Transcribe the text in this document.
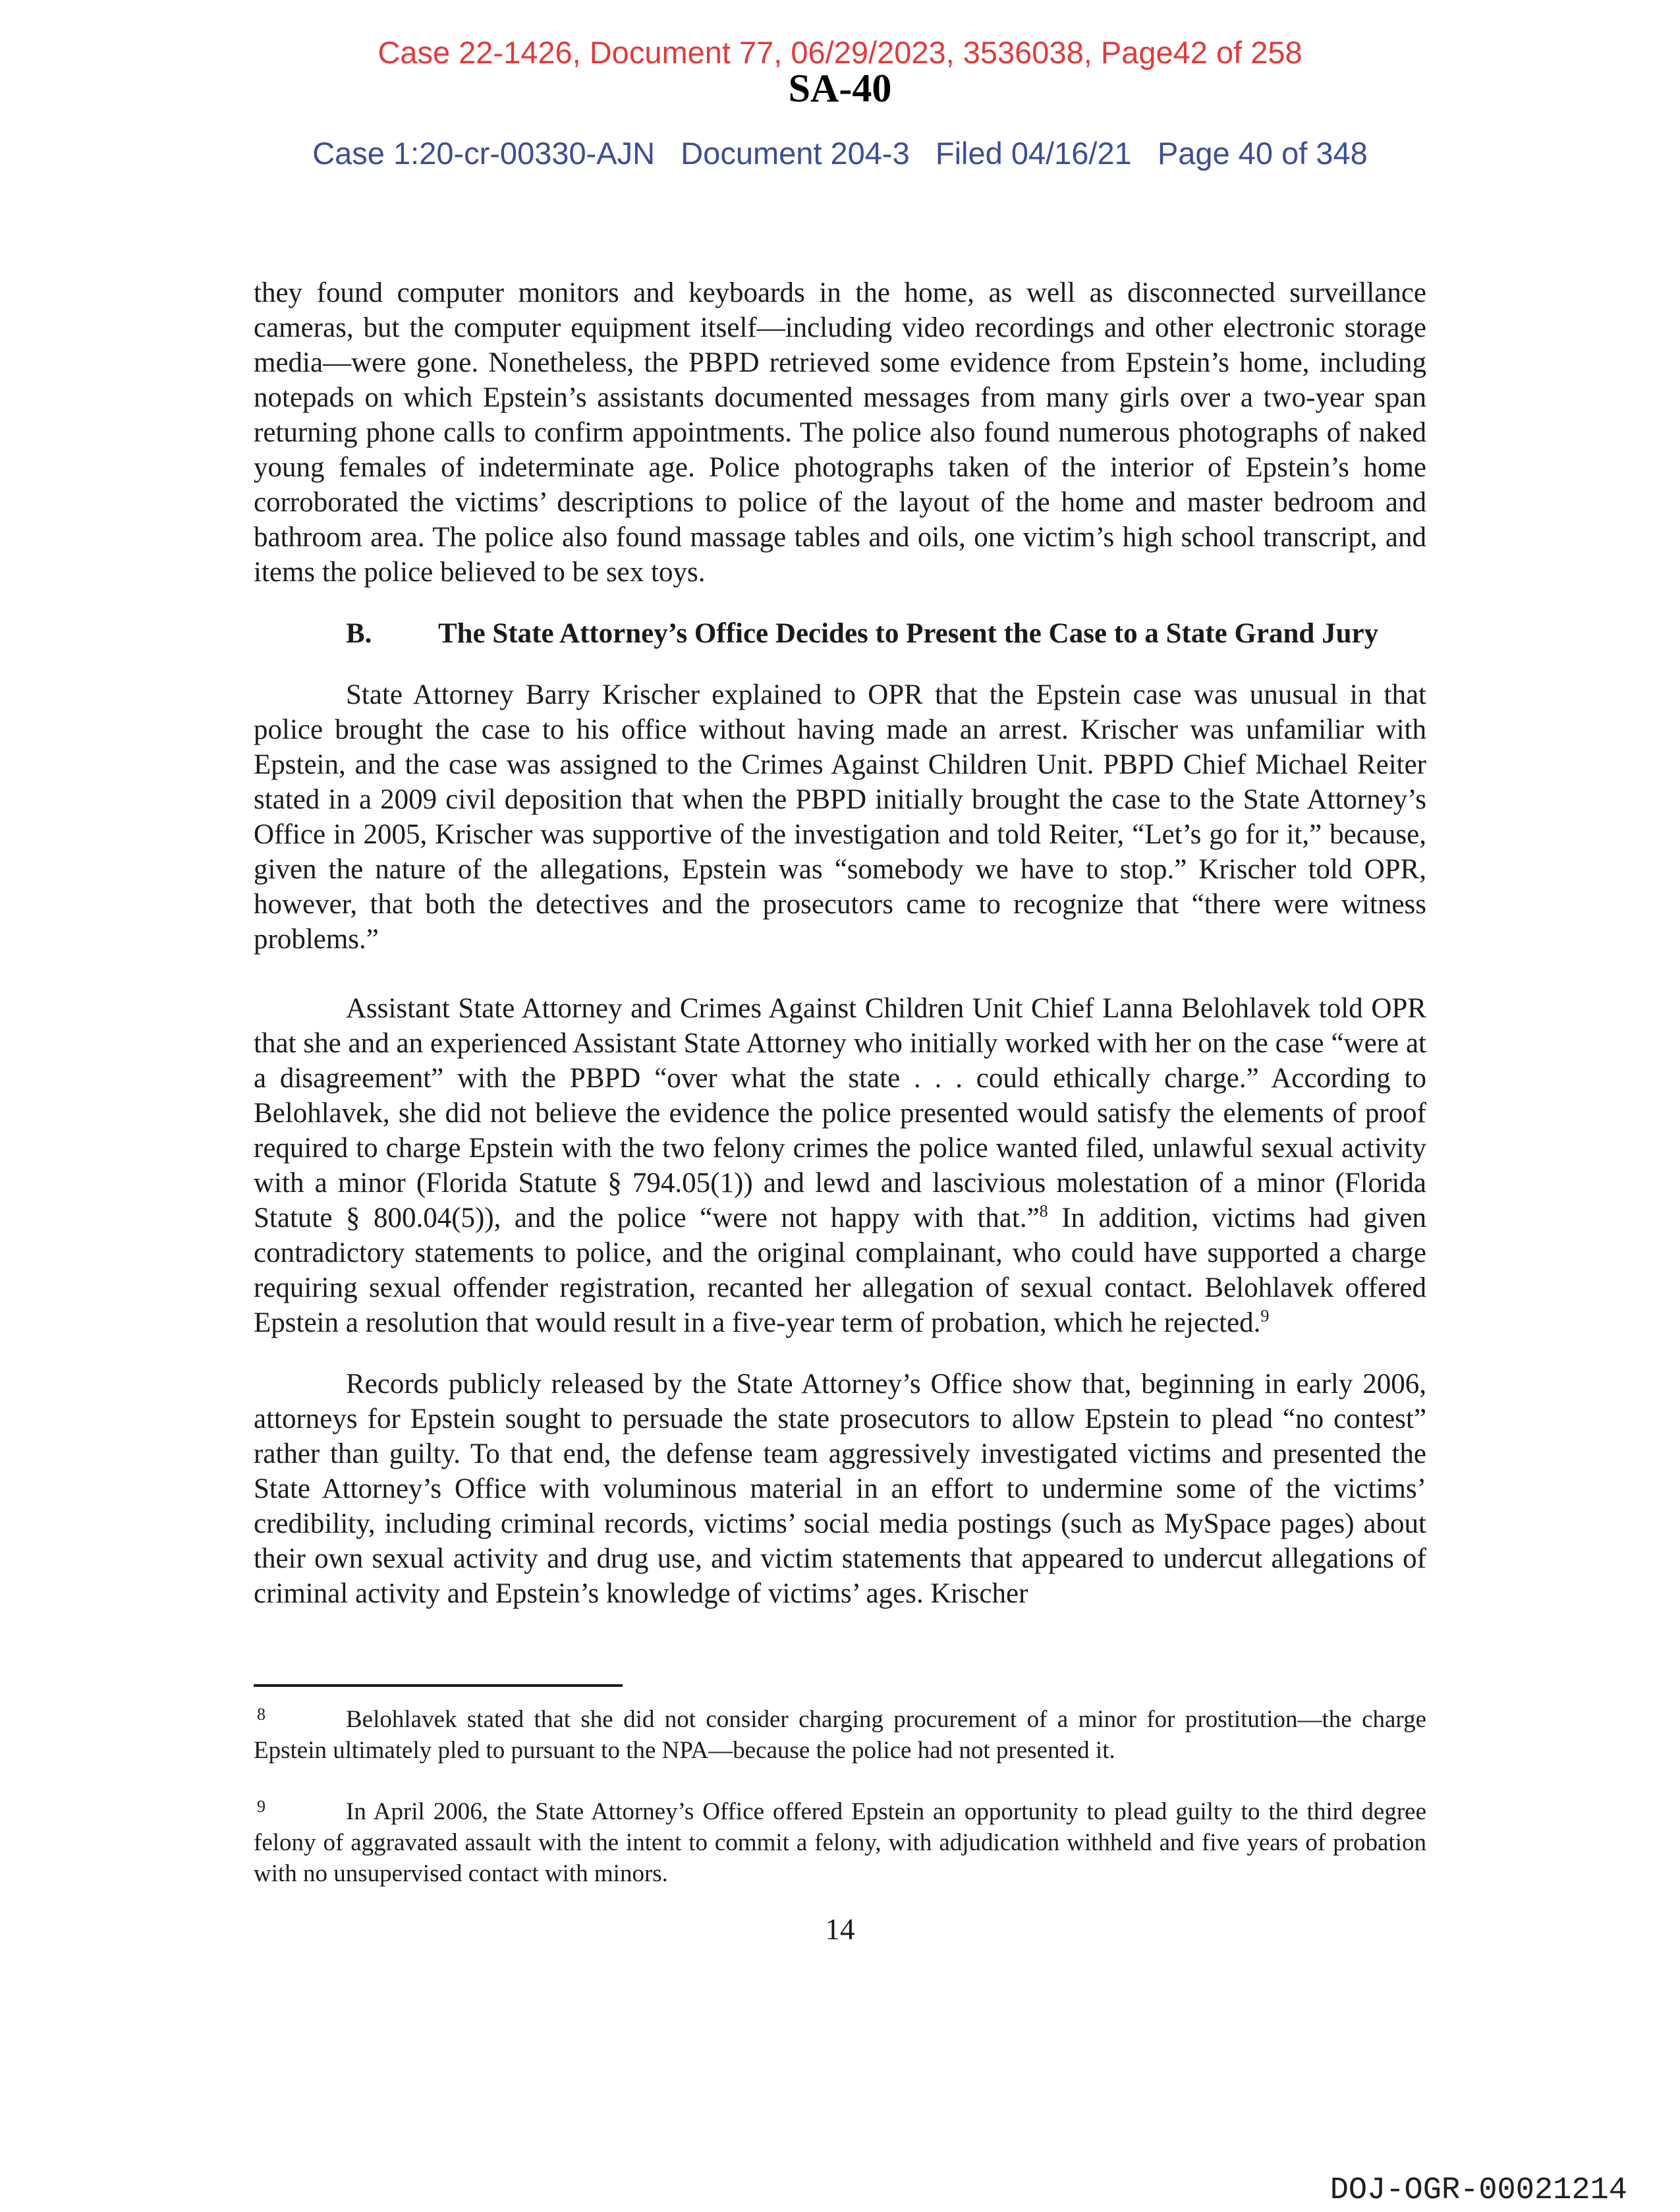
Case 22-1426, Document 77, 06/29/2023, 3536038, Page42 of 258
SA-40
Case 1:20-cr-00330-AJN   Document 204-3   Filed 04/16/21   Page 40 of 348

they found computer monitors and keyboards in the home, as well as disconnected surveillance cameras, but the computer equipment itself—including video recordings and other electronic storage media—were gone. Nonetheless, the PBPD retrieved some evidence from Epstein’s home, including notepads on which Epstein’s assistants documented messages from many girls over a two-year span returning phone calls to confirm appointments. The police also found numerous photographs of naked young females of indeterminate age. Police photographs taken of the interior of Epstein’s home corroborated the victims’ descriptions to police of the layout of the home and master bedroom and bathroom area. The police also found massage tables and oils, one victim’s high school transcript, and items the police believed to be sex toys.

B. The State Attorney’s Office Decides to Present the Case to a State Grand Jury

State Attorney Barry Krischer explained to OPR that the Epstein case was unusual in that police brought the case to his office without having made an arrest. Krischer was unfamiliar with Epstein, and the case was assigned to the Crimes Against Children Unit. PBPD Chief Michael Reiter stated in a 2009 civil deposition that when the PBPD initially brought the case to the State Attorney’s Office in 2005, Krischer was supportive of the investigation and told Reiter, “Let’s go for it,” because, given the nature of the allegations, Epstein was “somebody we have to stop.” Krischer told OPR, however, that both the detectives and the prosecutors came to recognize that “there were witness problems.”

Assistant State Attorney and Crimes Against Children Unit Chief Lanna Belohlavek told OPR that she and an experienced Assistant State Attorney who initially worked with her on the case “were at a disagreement” with the PBPD “over what the state . . . could ethically charge.” According to Belohlavek, she did not believe the evidence the police presented would satisfy the elements of proof required to charge Epstein with the two felony crimes the police wanted filed, unlawful sexual activity with a minor (Florida Statute § 794.05(1)) and lewd and lascivious molestation of a minor (Florida Statute § 800.04(5)), and the police “were not happy with that.”$^8$ In addition, victims had given contradictory statements to police, and the original complainant, who could have supported a charge requiring sexual offender registration, recanted her allegation of sexual contact. Belohlavek offered Epstein a resolution that would result in a five-year term of probation, which he rejected.$^9$

Records publicly released by the State Attorney’s Office show that, beginning in early 2006, attorneys for Epstein sought to persuade the state prosecutors to allow Epstein to plead “no contest” rather than guilty. To that end, the defense team aggressively investigated victims and presented the State Attorney’s Office with voluminous material in an effort to undermine some of the victims’ credibility, including criminal records, victims’ social media postings (such as MySpace pages) about their own sexual activity and drug use, and victim statements that appeared to undercut allegations of criminal activity and Epstein’s knowledge of victims’ ages. Krischer

8	Belohlavek stated that she did not consider charging procurement of a minor for prostitution—the charge Epstein ultimately pled to pursuant to the NPA—because the police had not presented it.
9	In April 2006, the State Attorney’s Office offered Epstein an opportunity to plead guilty to the third degree felony of aggravated assault with the intent to commit a felony, with adjudication withheld and five years of probation with no unsupervised contact with minors.
14
DOJ-OGR-00021214
